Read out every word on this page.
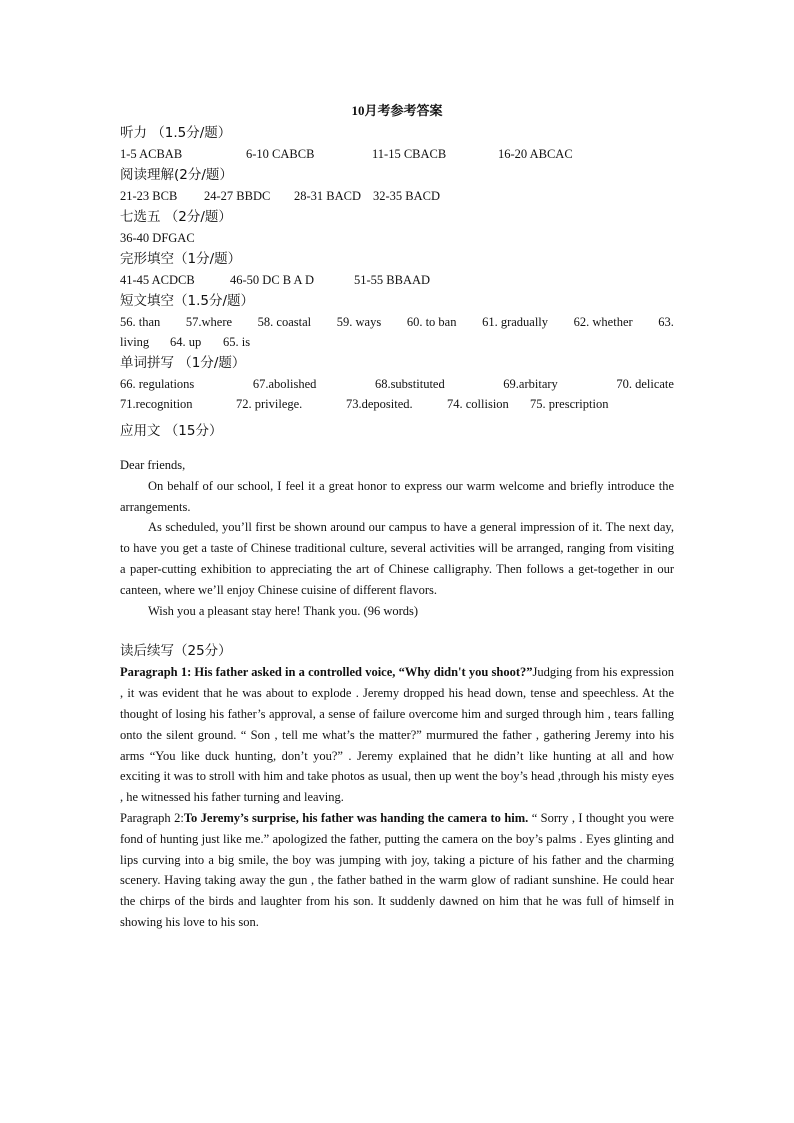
10月考参考答案

听力 （1.5分/题）

1-5 ACBAB	6-10 CABCB	11-15 CBACB	16-20 ABCAC

阅读理解(2分/题）

21-23 BCB 24-27 BBDC 28-31 BACD 32-35 BACD

七选五 （2分/题）

36-40 DFGAC

完形填空（1分/题）

41-45 ACDCB	46-50 DC B A D	51-55 BBAAD

短文填空（1.5分/题）

56. than 57.where 58. coastal 59. ways 60. to ban 61. gradually 62. whether 63.

living 64. up 65. is

单词拼写 （1分/题）

66. regulations	67.abolished	68.substituted	69.arbitary	70. delicate

71.recognition	72. privilege.	73.deposited.	74. collision 75. prescription

应用文 （15分）

Dear friends,

On behalf of our school, I feel it a great honor to express our warm welcome and briefly introduce the arrangements.

As scheduled, you’ll first be shown around our campus to have a general impression of it. The next day, to have you get a taste of Chinese traditional culture, several activities will be arranged, ranging from visiting a paper-cutting exhibition to appreciating the art of Chinese calligraphy. Then follows a get-together in our canteen, where we’ll enjoy Chinese cuisine of different flavors.

Wish you a pleasant stay here! Thank you. (96 words)

读后续写（25分）

Paragraph 1: His father asked in a controlled voice, “Why didn't you shoot?”Judging from his expression , it was evident that he was about to explode . Jeremy dropped his head down, tense and speechless. At the thought of losing his father’s approval, a sense of failure overcome him and surged through him , tears falling onto the silent ground. “ Son , tell me what’s the matter?” murmured the father , gathering Jeremy into his arms “You like duck hunting, don’t you?” . Jeremy explained that he didn’t like hunting at all and how exciting it was to stroll with him and take photos as usual, then up went the boy’s head ,through his misty eyes , he witnessed his father turning and leaving.

Paragraph 2:To Jeremy’s surprise, his father was handing the camera to him. “ Sorry , I thought you were fond of hunting just like me.” apologized the father, putting the camera on the boy’s palms . Eyes glinting and lips curving into a big smile, the boy was jumping with joy, taking a picture of his father and the charming scenery. Having taking away the gun , the father bathed in the warm glow of radiant sunshine. He could hear the chirps of the birds and laughter from his son. It suddenly dawned on him that he was full of himself in showing his love to his son.
